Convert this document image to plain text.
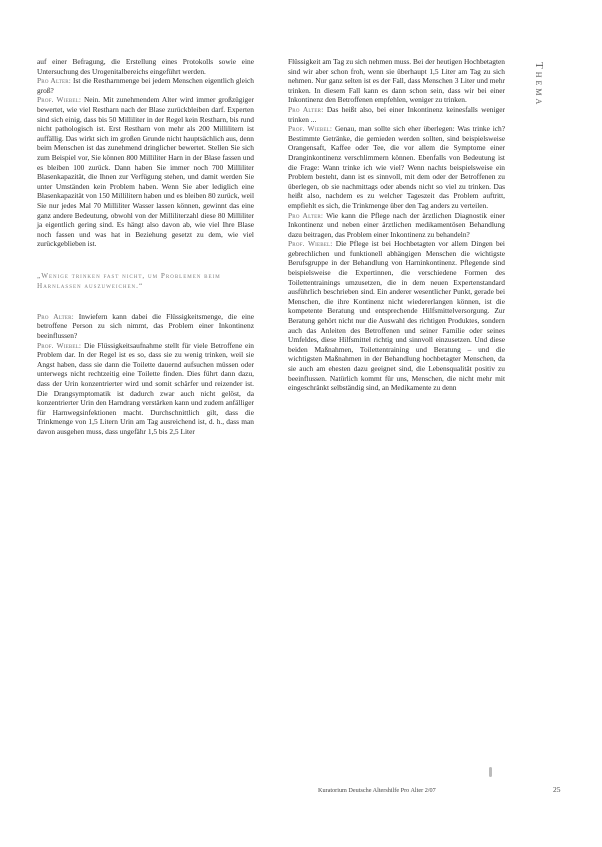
auf einer Befragung, die Erstellung eines Protokolls sowie eine Untersuchung des Urogenitalbereichs eingeführt werden.

Pro Alter: Ist die Restharnmenge bei jedem Menschen eigentlich gleich groß?

Prof. Wiebel: Nein. Mit zunehmendem Alter wird immer großzügiger bewertet, wie viel Restharn nach der Blase zurückbleiben darf. Experten sind sich einig, dass bis 50 Milliliter in der Regel kein Restharn, bis rund nicht pathologisch ist. Erst Restharn von mehr als 200 Millilitern ist auffällig. Das wirkt sich im großen Grunde nicht hauptsächlich aus, denn beim Menschen ist das zunehmend dringlicher bewertet. Stellen Sie sich zum Beispiel vor, Sie können 800 Milliliter Harn in der Blase fassen und es bleiben 100 zurück. Dann haben Sie immer noch 700 Milliliter Blasenkapazität, die Ihnen zur Verfügung stehen, und damit werden Sie unter Umständen kein Problem haben. Wenn Sie aber lediglich eine Blasenkapazität von 150 Millilitern haben und es bleiben 80 zurück, weil Sie nur jedes Mal 70 Milliliter Wasser lassen können, gewinnt das eine ganz andere Bedeutung, obwohl von der Milliliterzahl diese 80 Milliliter ja eigentlich gering sind. Es hängt also davon ab, wie viel Ihre Blase noch fassen und was hat in Beziehung gesetzt zu dem, wie viel zurückgeblieben ist.

„Wenige trinken fast nicht, um Problemen beim Harnlassen auszuweichen.“

Pro Alter: Inwiefern kann dabei die Flüssigkeitsmenge, die eine betroffene Person zu sich nimmt, das Problem einer Inkontinenz beeinflussen?

Prof. Wiebel: Die Flüssigkeitsaufnahme stellt für viele Betroffene ein Problem dar. In der Regel ist es so, dass sie zu wenig trinken, weil sie Angst haben, dass sie dann die Toilette dauernd aufsuchen müssen oder unterwegs nicht rechtzeitig eine Toilette finden. Dies führt dann dazu, dass der Urin konzentrierter wird und somit schärfer und reizender ist. Die Drangsymptomatik ist dadurch zwar auch nicht gelöst, da konzentrierter Urin den Harndrang verstärken kann und zudem anfälliger für Harnwegsinfektionen macht. Durchschnittlich gilt, dass die Trinkmenge von 1,5 Litern Urin am Tag ausreichend ist, d. h., dass man davon ausgehen muss, dass ungefähr 1,5 bis 2,5 Liter

Flüssigkeit am Tag zu sich nehmen muss. Bei der heutigen Hochbetagten sind wir aber schon froh, wenn sie überhaupt 1,5 Liter am Tag zu sich nehmen. Nur ganz selten ist es der Fall, dass Menschen 3 Liter und mehr trinken. In diesem Fall kann es dann schon sein, dass wir bei einer Inkontinenz den Betroffenen empfehlen, weniger zu trinken.

Pro Alter: Das heißt also, bei einer Inkontinenz keinesfalls weniger trinken ...

Prof. Wiebel: Genau, man sollte sich eher überlegen: Was trinke ich? Bestimmte Getränke, die gemieden werden sollten, sind beispielsweise Orangensaft, Kaffee oder Tee, die vor allem die Symptome einer Dranginkontinenz verschlimmern können. Ebenfalls von Bedeutung ist die Frage: Wann trinke ich wie viel? Wenn nachts beispielsweise ein Problem besteht, dann ist es sinnvoll, mit dem oder der Betroffenen zu überlegen, ob sie nachmittags oder abends nicht so viel zu trinken. Das heißt also, nachdem es zu welcher Tageszeit das Problem auftritt, empfiehlt es sich, die Trinkmenge über den Tag anders zu verteilen.

Pro Alter: Wie kann die Pflege nach der ärztlichen Diagnostik einer Inkontinenz und neben einer ärztlichen medikamentösen Behandlung dazu beitragen, das Problem einer Inkontinenz zu behandeln?

Prof. Wiebel: Die Pflege ist bei Hochbetagten vor allem Dingen bei gebrechlichen und funktionell abhängigen Menschen die wichtigste Berufsgruppe in der Behandlung von Harninkontinenz. Pflegende sind beispielsweise die Expertinnen, die verschiedene Formen des Toilettentrainings umzusetzen, die in dem neuen Expertenstandard ausführlich beschrieben sind. Ein anderer wesentlicher Punkt, gerade bei Menschen, die ihre Kontinenz nicht wiedererlangen können, ist die kompetente Beratung und entsprechende Hilfsmittelversorgung. Zur Beratung gehört nicht nur die Auswahl des richtigen Produktes, sondern auch das Anleiten des Betroffenen und seiner Familie oder seines Umfeldes, diese Hilfsmittel richtig und sinnvoll einzusetzen. Und diese beiden Maßnahmen, Toilettentraining und Beratung – und die wichtigsten Maßnahmen in der Behandlung hochbetagter Menschen, da sie auch am ehesten dazu geeignet sind, die Lebensqualität positiv zu beeinflussen. Natürlich kommt für uns, Menschen, die nicht mehr mit eingeschränkt selbständig sind, an Medikamente zu denn

Thema
Kuratorium Deutsche Altershilfe Pro Alter 2/07	25
